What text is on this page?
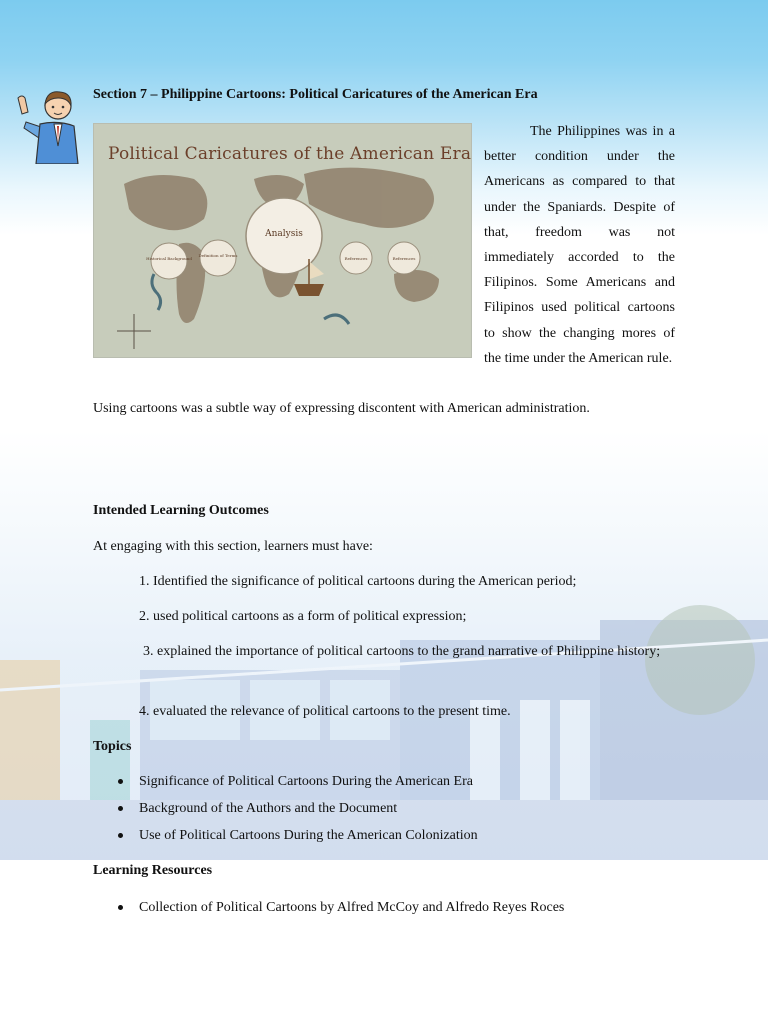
Section 7 – Philippine Cartoons: Political Caricatures of the American Era
Analysis
Historical Background
Definition of Terms
References	References
Political Caricatures of the American Era

The Philippines was in a better condition under the Americans as compared to that under the Spaniards. Despite of that, freedom was not immediately accorded to the Filipinos. Some Americans and Filipinos used political cartoons to show the changing mores of the time under the American rule.

Using cartoons was a subtle way of expressing discontent with American administration.
Intended Learning Outcomes
At engaging with this section, learners must have:
1. Identified the significance of political cartoons during the American period;
2. used political cartoons as a form of political expression;
3. explained the importance of political cartoons to the grand narrative of Philippine history;
4. evaluated the relevance of political cartoons to the present time.
Topics
Significance of Political Cartoons During the American Era
Background of the Authors and the Document
Use of Political Cartoons During the American Colonization
Learning Resources
Collection of Political Cartoons by Alfred McCoy and Alfredo Reyes Roces
